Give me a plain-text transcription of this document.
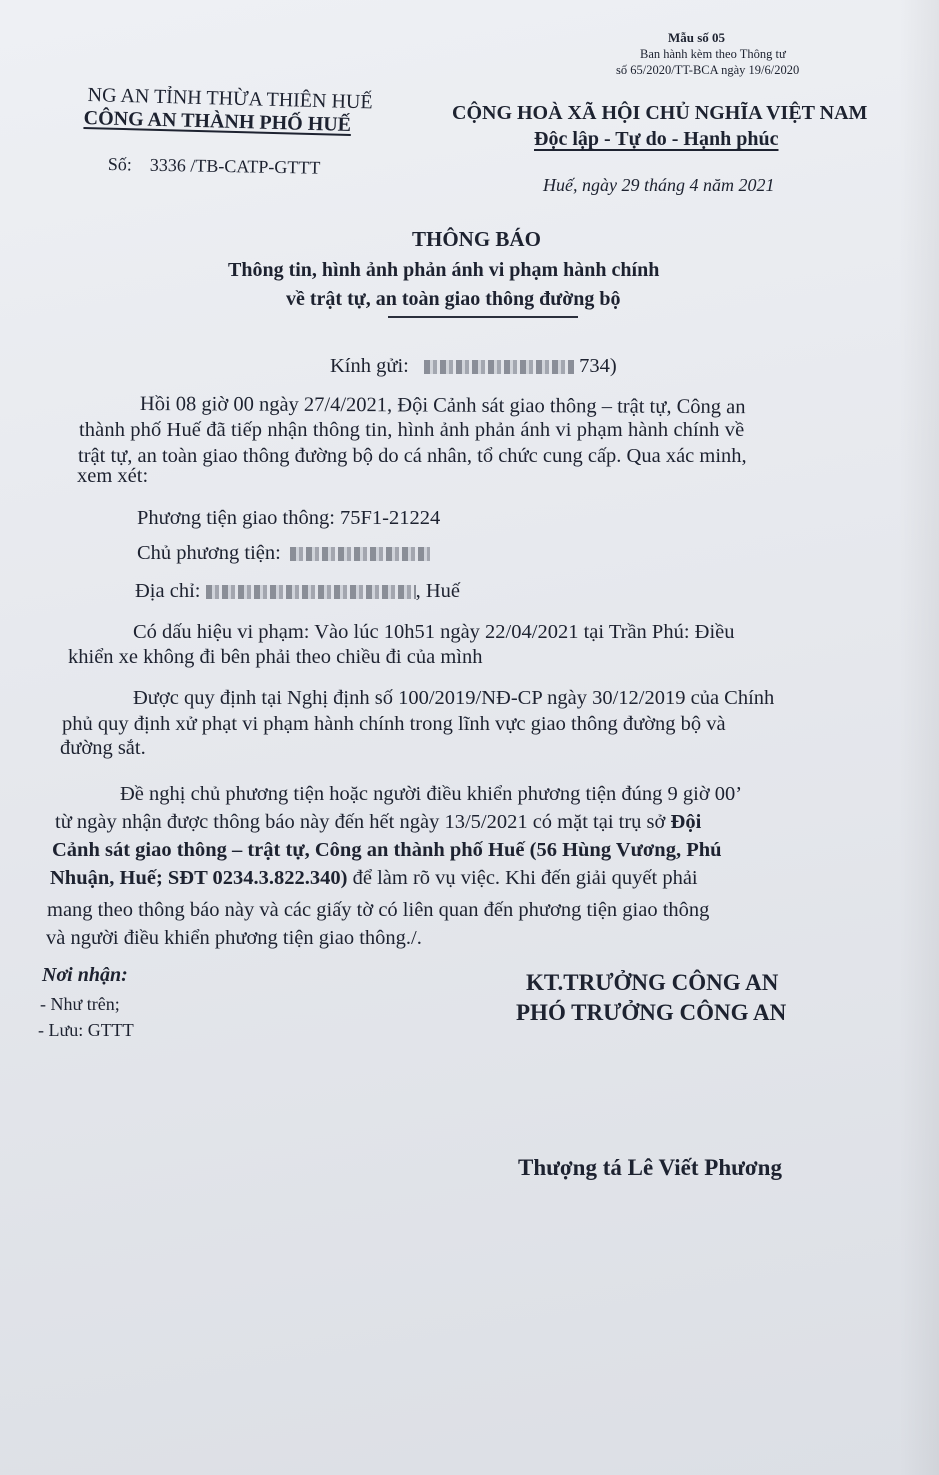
Mẫu số 05
Ban hành kèm theo Thông tư
số 65/2020/TT-BCA ngày 19/6/2020
NG AN TỈNH THỪA THIÊN HUẾ
CÔNG AN THÀNH PHỐ HUẾ	CỘNG HOÀ XÃ HỘI CHỦ NGHĨA VIỆT NAM
Độc lập - Tự do - Hạnh phúc
Số: 3336 /TB-CATP-GTTT
Huế, ngày 29 tháng 4 năm 2021
THÔNG BÁO
Thông tin, hình ảnh phản ánh vi phạm hành chính
về trật tự, an toàn giao thông đường bộ
Kính gửi:	734)
Hồi 08 giờ 00 ngày 27/4/2021, Đội Cảnh sát giao thông – trật tự, Công an
thành phố Huế đã tiếp nhận thông tin, hình ảnh phản ánh vi phạm hành chính về
trật tự, an toàn giao thông đường bộ do cá nhân, tổ chức cung cấp. Qua xác minh,
xem xét:
Phương tiện giao thông: 75F1-21224
Chủ phương tiện:
Địa chỉ:	, Huế
Có dấu hiệu vi phạm: Vào lúc 10h51 ngày 22/04/2021 tại Trần Phú: Điều
khiển xe không đi bên phải theo chiều đi của mình
Được quy định tại Nghị định số 100/2019/NĐ-CP ngày 30/12/2019 của Chính
phủ quy định xử phạt vi phạm hành chính trong lĩnh vực giao thông đường bộ và
đường sắt.
Đề nghị chủ phương tiện hoặc người điều khiển phương tiện đúng 9 giờ 00’
từ ngày nhận được thông báo này đến hết ngày 13/5/2021 có mặt tại trụ sở Đội
Cảnh sát giao thông – trật tự, Công an thành phố Huế (56 Hùng Vương, Phú
Nhuận, Huế; SĐT 0234.3.822.340) để làm rõ vụ việc. Khi đến giải quyết phải
mang theo thông báo này và các giấy tờ có liên quan đến phương tiện giao thông
và người điều khiển phương tiện giao thông./.
Nơi nhận:
- Như trên;
- Lưu: GTTT
KT.TRƯỞNG CÔNG AN
PHÓ TRƯỞNG CÔNG AN
Thượng tá Lê Viết Phương
